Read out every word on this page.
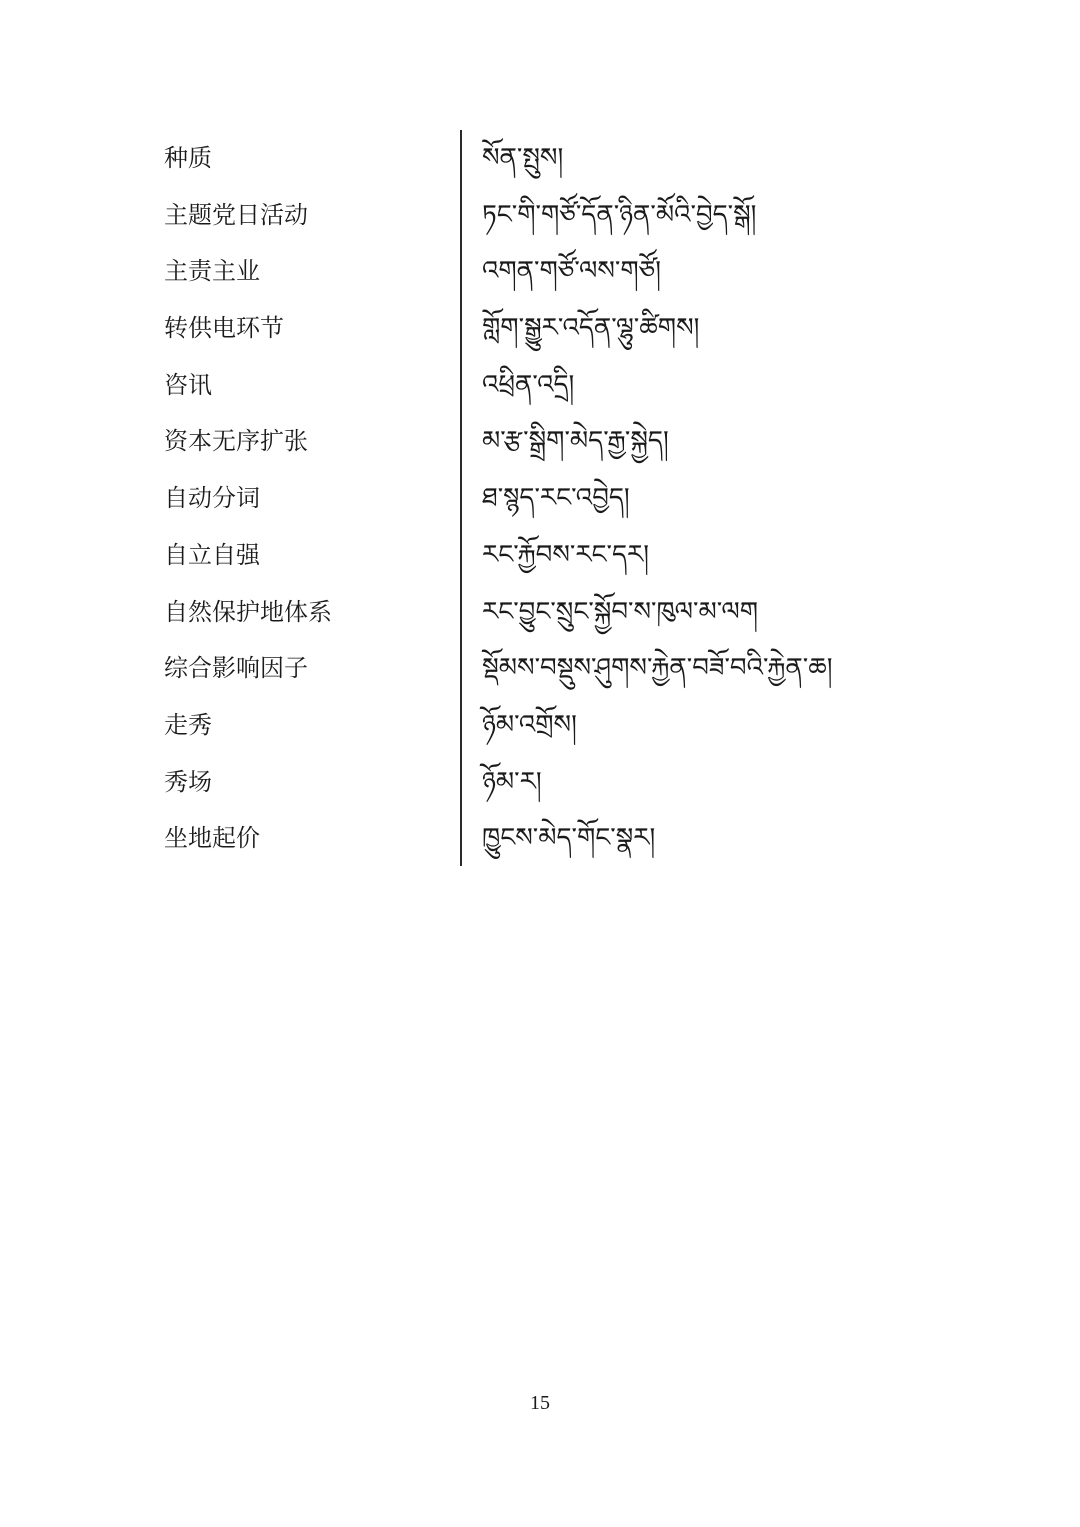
种质	སོན་སྤུས།
主题党日活动	ཏང་གི་གཙོ་དོན་ཉིན་མོའི་བྱེད་སྒོ།
主责主业	འགན་གཙོ་ལས་གཙོ།
转供电环节	གློག་སྒྱུར་འདོན་ལྷུ་ཚིགས།
咨讯	འཕྲིན་འདྲི།
资本无序扩张	མ་རྩ་སྒྲིག་མེད་རྒྱ་སྐྱེད།
自动分词	ཐ་སྙད་རང་འབྱེད།
自立自强	རང་རྐྱོབས་རང་དར།
自然保护地体系	རང་བྱུང་སྲུང་སྐྱོབ་ས་ཁུལ་མ་ལག
综合影响因子	སྡོམས་བསྡུས་ཤུགས་རྐྱེན་བཟོ་བའི་རྐྱེན་ཆ།
走秀	ཉོམ་འགྲོས།
秀场	ཉོམ་ར།
坐地起价	ཁྱུངས་མེད་གོང་སྣར།
15
